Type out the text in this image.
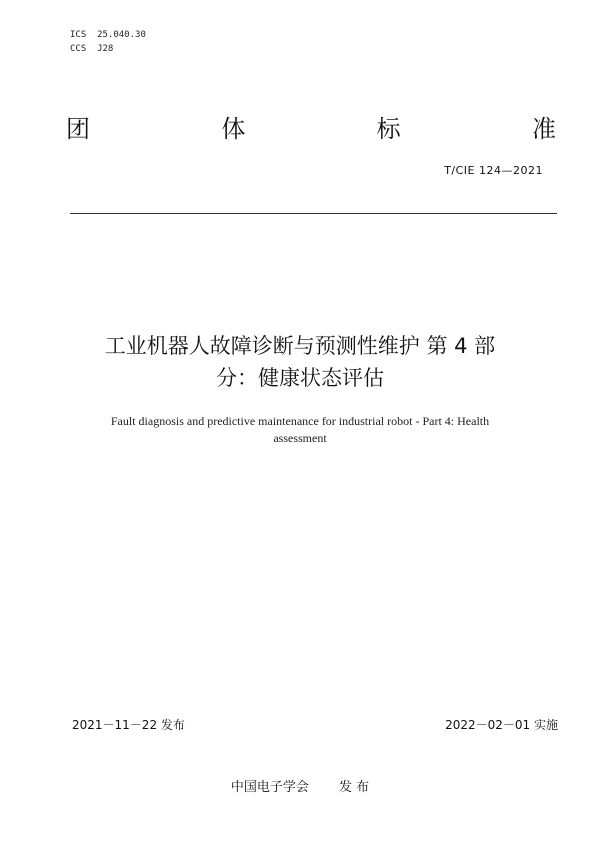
ICS  25.040.30
CCS  J28
团	体	标	准
T/CIE 124—2021
工业机器人故障诊断与预测性维护 第 4 部
分：健康状态评估
Fault diagnosis and predictive maintenance for industrial robot - Part 4: Health
assessment
2021－11－22 发布	2022－02－01 实施
中国电子学会 发 布
